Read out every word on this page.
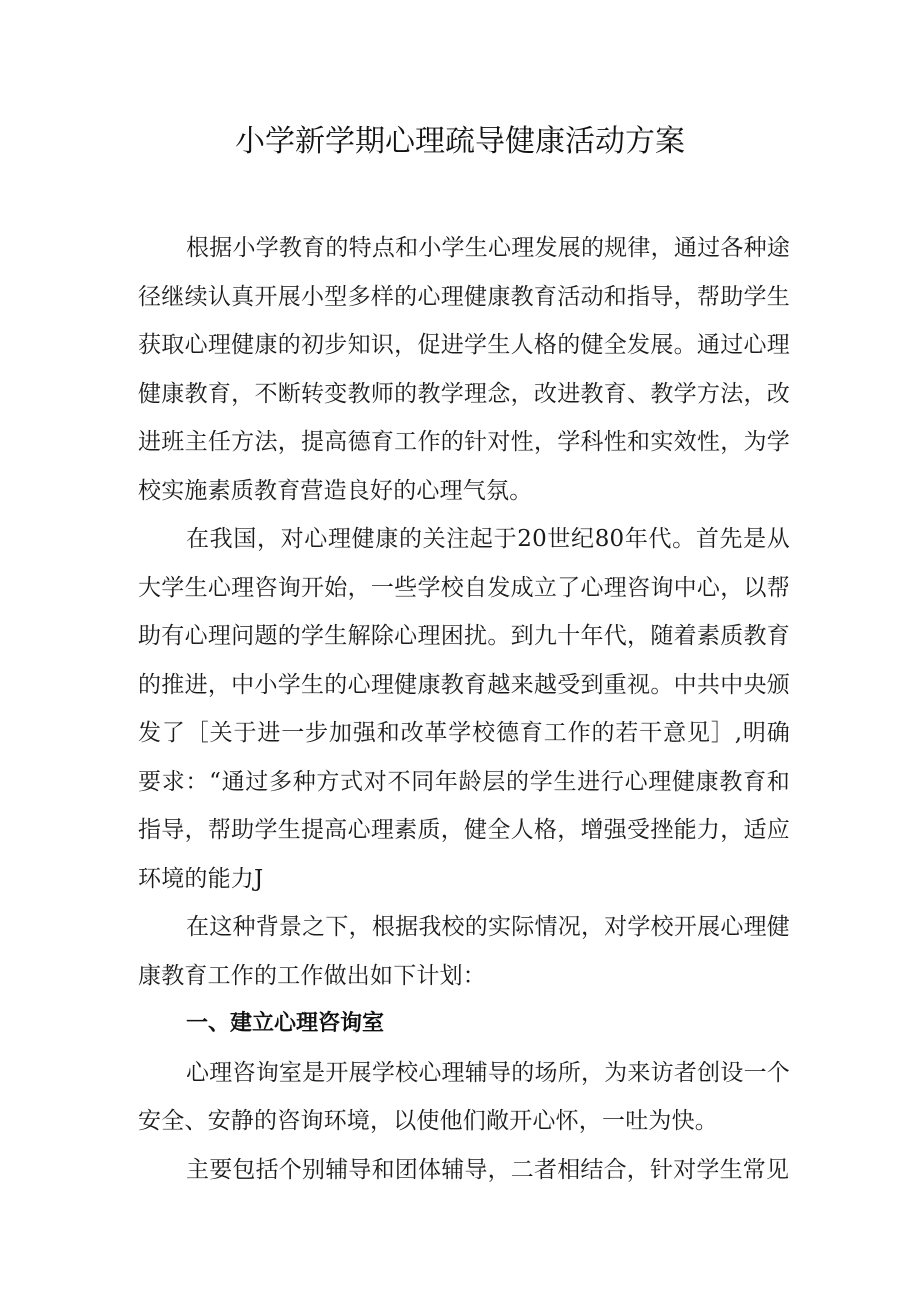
小学新学期心理疏导健康活动方案

根据小学教育的特点和小学生心理发展的规律，通过各种途径继续认真开展小型多样的心理健康教育活动和指导，帮助学生获取心理健康的初步知识，促进学生人格的健全发展。通过心理健康教育，不断转变教师的教学理念，改进教育、教学方法，改进班主任方法，提高德育工作的针对性，学科性和实效性，为学校实施素质教育营造良好的心理气氛。

在我国，对心理健康的关注起于20世纪80年代。首先是从大学生心理咨询开始，一些学校自发成立了心理咨询中心，以帮助有心理问题的学生解除心理困扰。到九十年代，随着素质教育的推进，中小学生的心理健康教育越来越受到重视。中共中央颁发了［关于进一步加强和改革学校德育工作的若干意见］,明确要求：“通过多种方式对不同年龄层的学生进行心理健康教育和指导，帮助学生提高心理素质，健全人格，增强受挫能力，适应环境的能力J

在这种背景之下，根据我校的实际情况，对学校开展心理健康教育工作的工作做出如下计划：

一、建立心理咨询室

心理咨询室是开展学校心理辅导的场所，为来访者创设一个安全、安静的咨询环境，以使他们敞开心怀，一吐为快。

主要包括个别辅导和团体辅导，二者相结合，针对学生常见
